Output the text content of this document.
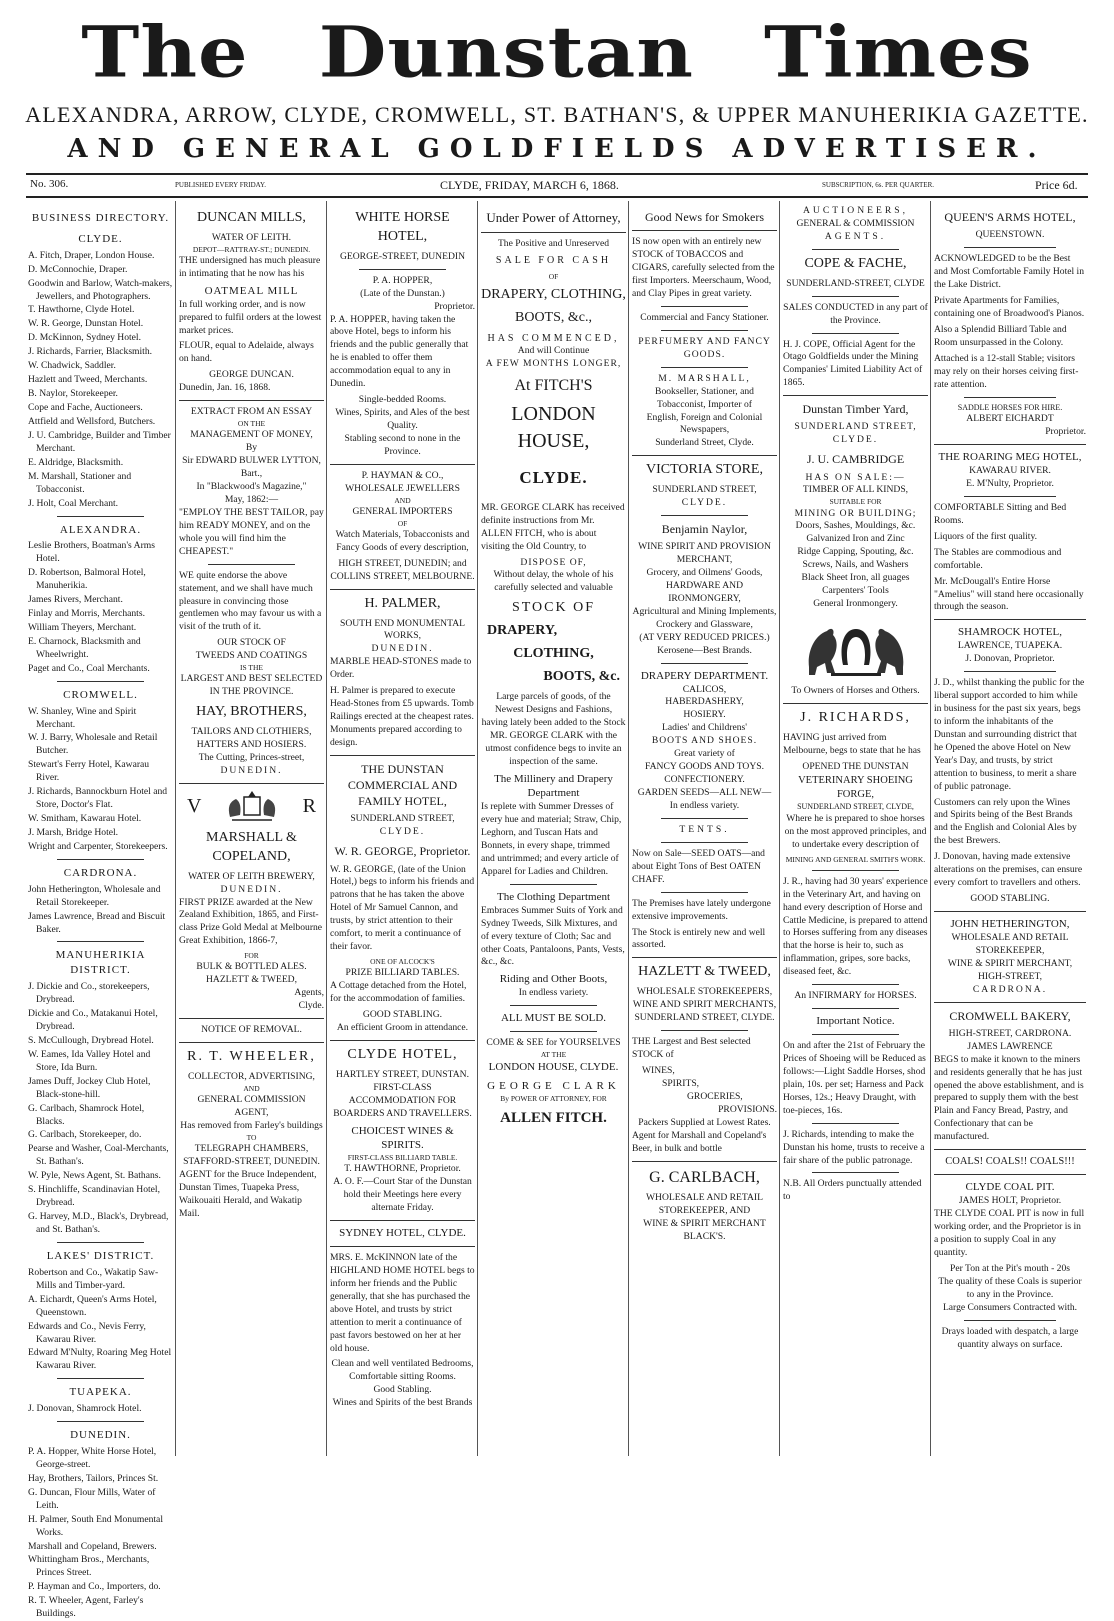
The Dunstan Times
ALEXANDRA, ARROW, CLYDE, CROMWELL, ST. BATHAN'S, & UPPER MANUHERIKIA GAZETTE.
AND GENERAL GOLDFIELDS ADVERTISER.
No. 306.	PUBLISHED EVERY FRIDAY.	CLYDE, FRIDAY, MARCH 6, 1868.	SUBSCRIPTION, 6s. PER QUARTER.	Price 6d.
BUSINESS DIRECTORY.
CLYDE.

A. Fitch, Draper, London House.

D. McConnochie, Draper.

Goodwin and Barlow, Watch-makers, Jewellers, and Photographers.

T. Hawthorne, Clyde Hotel.

W. R. George, Dunstan Hotel.

D. McKinnon, Sydney Hotel.

J. Richards, Farrier, Blacksmith.

W. Chadwick, Saddler.

Hazlett and Tweed, Merchants.

B. Naylor, Storekeeper.

Cope and Fache, Auctioneers.

Attfield and Wellsford, Butchers.

J. U. Cambridge, Builder and Timber Merchant.

E. Aldridge, Blacksmith.

M. Marshall, Stationer and Tobacconist.

J. Holt, Coal Merchant.

ALEXANDRA.

Leslie Brothers, Boatman's Arms Hotel.

D. Robertson, Balmoral Hotel, Manuherikia.

James Rivers, Merchant.

Finlay and Morris, Merchants.

William Theyers, Merchant.

E. Charnock, Blacksmith and Wheelwright.

Paget and Co., Coal Merchants.

CROMWELL.

W. Shanley, Wine and Spirit Merchant.

W. J. Barry, Wholesale and Retail Butcher.

Stewart's Ferry Hotel, Kawarau River.

J. Richards, Bannockburn Hotel and Store, Doctor's Flat.

W. Smitham, Kawarau Hotel.

J. Marsh, Bridge Hotel.

Wright and Carpenter, Storekeepers.

CARDRONA.

John Hetherington, Wholesale and Retail Storekeeper.

James Lawrence, Bread and Biscuit Baker.

MANUHERIKIA DISTRICT.

J. Dickie and Co., storekeepers, Drybread.

Dickie and Co., Matakanui Hotel, Drybread.

S. McCullough, Drybread Hotel.

W. Eames, Ida Valley Hotel and Store, Ida Burn.

James Duff, Jockey Club Hotel, Black-stone-hill.

G. Carlbach, Shamrock Hotel, Blacks.

G. Carlbach, Storekeeper, do.

Pearse and Washer, Coal-Merchants, St. Bathan's.

W. Pyle, News Agent, St. Bathans.

S. Hinchliffe, Scandinavian Hotel, Drybread.

G. Harvey, M.D., Black's, Drybread, and St. Bathan's.

LAKES' DISTRICT.

Robertson and Co., Wakatip Saw-Mills and Timber-yard.

A. Eichardt, Queen's Arms Hotel, Queenstown.

Edwards and Co., Nevis Ferry, Kawarau River.

Edward M'Nulty, Roaring Meg Hotel Kawarau River.

TUAPEKA.

J. Donovan, Shamrock Hotel.

DUNEDIN.

P. A. Hopper, White Horse Hotel, George-street.

Hay, Brothers, Tailors, Princes St.

G. Duncan, Flour Mills, Water of Leith.

H. Palmer, South End Monumental Works.

Marshall and Copeland, Brewers.

Whittingham Bros., Merchants, Princes Street.

P. Hayman and Co., Importers, do.

R. T. Wheeler, Agent, Farley's Buildings.

DUNCAN MILLS,
WATER OF LEITH.
DEPOT—RATTRAY-ST.; DUNEDIN.

THE undersigned has much pleasure in intimating that he now has his

OATMEAL MILL

In full working order, and is now prepared to fulfil orders at the lowest market prices.

FLOUR, equal to Adelaide, always on hand.

GEORGE DUNCAN.
Dunedin, Jan. 16, 1868.
EXTRACT FROM AN ESSAY
ON THE
MANAGEMENT OF MONEY,
By
Sir EDWARD BULWER LYTTON, Bart.,
In "Blackwood's Magazine,"
May, 1862:—

"EMPLOY THE BEST TAILOR, pay him READY MONEY, and on the whole you will find him the CHEAPEST."

WE quite endorse the above statement, and we shall have much pleasure in convincing those gentlemen who may favour us with a visit of the truth of it.

OUR STOCK OF
TWEEDS AND COATINGS
IS THE
LARGEST AND BEST SELECTED
IN THE PROVINCE.
HAY, BROTHERS,
TAILORS AND CLOTHIERS,
HATTERS AND HOSIERS.
The Cutting, Princes-street,
DUNEDIN.
V	R
MARSHALL & COPELAND,
WATER OF LEITH BREWERY,
DUNEDIN.

FIRST PRIZE awarded at the New Zealand Exhibition, 1865, and First-class Prize Gold Medal at Melbourne Great Exhibition, 1866-7,

FOR
BULK & BOTTLED ALES.
HAZLETT & TWEED,
Agents,
Clyde.
NOTICE OF REMOVAL.
R. T. WHEELER,
COLLECTOR, ADVERTISING,
AND
GENERAL COMMISSION
AGENT,
Has removed from Farley's buildings
TO
TELEGRAPH CHAMBERS,
STAFFORD-STREET, DUNEDIN.

AGENT for the Bruce Independent, Dunstan Times, Tuapeka Press, Waikouaiti Herald, and Wakatip Mail.

WHITE HORSE HOTEL,
GEORGE-STREET, DUNEDIN
P. A. HOPPER,
(Late of the Dunstan.)
Proprietor.

P. A. HOPPER, having taken the above Hotel, begs to inform his friends and the public generally that he is enabled to offer them accommodation equal to any in Dunedin.

Single-bedded Rooms.
Wines, Spirits, and Ales of the best Quality.
Stabling second to none in the Province.
P. HAYMAN & CO.,
WHOLESALE JEWELLERS
AND
GENERAL IMPORTERS
OF

Watch Materials, Tobacconists and Fancy Goods of every description,

HIGH STREET, DUNEDIN; and COLLINS STREET, MELBOURNE.

H. PALMER,
SOUTH END MONUMENTAL WORKS,
DUNEDIN.

MARBLE HEAD-STONES made to Order.

H. Palmer is prepared to execute Head-Stones from £5 upwards. Tomb Railings erected at the cheapest rates. Monuments prepared according to design.

THE DUNSTAN COMMERCIAL AND FAMILY HOTEL,
SUNDERLAND STREET,
CLYDE.
W. R. GEORGE, Proprietor.

W. R. GEORGE, (late of the Union Hotel,) begs to inform his friends and patrons that he has taken the above Hotel of Mr Samuel Cannon, and trusts, by strict attention to their comfort, to merit a continuance of their favor.

ONE OF ALCOCK'S
PRIZE BILLIARD TABLES.

A Cottage detached from the Hotel, for the accommodation of families.

GOOD STABLING.
An efficient Groom in attendance.
CLYDE HOTEL,
HARTLEY STREET, DUNSTAN.

FIRST-CLASS ACCOMMODATION FOR BOARDERS AND TRAVELLERS.

CHOICEST WINES & SPIRITS.
FIRST-CLASS BILLIARD TABLE.
T. HAWTHORNE, Proprietor.

A. O. F.—Court Star of the Dunstan hold their Meetings here every alternate Friday.

SYDNEY HOTEL, CLYDE.

MRS. E. McKINNON late of the HIGHLAND HOME HOTEL begs to inform her friends and the Public generally, that she has purchased the above Hotel, and trusts by strict attention to merit a continuance of past favors bestowed on her at her old house.

Clean and well ventilated Bedrooms,
Comfortable sitting Rooms.
Good Stabling.
Wines and Spirits of the best Brands
Under Power of Attorney,
The Positive and Unreserved
SALE FOR CASH
OF
DRAPERY, CLOTHING,
BOOTS, &c.,
HAS COMMENCED,
And will Continue
A FEW MONTHS LONGER,
At FITCH'S
LONDON HOUSE,
CLYDE.

MR. GEORGE CLARK has received definite instructions from Mr. ALLEN FITCH, who is about visiting the Old Country, to

DISPOSE OF,

Without delay, the whole of his carefully selected and valuable

STOCK OF
DRAPERY,
CLOTHING,
BOOTS, &c.

Large parcels of goods, of the Newest Designs and Fashions, having lately been added to the Stock MR. GEORGE CLARK with the utmost confidence begs to invite an inspection of the same.

The Millinery and Drapery Department

Is replete with Summer Dresses of every hue and material; Straw, Chip, Leghorn, and Tuscan Hats and Bonnets, in every shape, trimmed and untrimmed; and every article of Apparel for Ladies and Children.

The Clothing Department

Embraces Summer Suits of York and Sydney Tweeds, Silk Mixtures, and of every texture of Cloth; Sac and other Coats, Pantaloons, Pants, Vests, &c., &c.

Riding and Other Boots,
In endless variety.
ALL MUST BE SOLD.
COME & SEE for YOURSELVES
AT THE
LONDON HOUSE, CLYDE.
GEORGE CLARK
By POWER OF ATTORNEY, FOR
ALLEN FITCH.
Good News for Smokers

IS now open with an entirely new STOCK of TOBACCOS and CIGARS, carefully selected from the first Importers. Meerschaum, Wood, and Clay Pipes in great variety.

Commercial and Fancy Stationer.
PERFUMERY AND FANCY GOODS.
M. MARSHALL,
Bookseller, Stationer, and Tobacconist, Importer of
English, Foreign and Colonial Newspapers,
Sunderland Street, Clyde.
VICTORIA STORE,
SUNDERLAND STREET,
CLYDE.
Benjamin Naylor,
WINE SPIRIT AND PROVISION MERCHANT,
Grocery, and Oilmens' Goods,
HARDWARE AND IRONMONGERY,
Agricultural and Mining Implements, Crockery and Glassware,
(AT VERY REDUCED PRICES.)
Kerosene—Best Brands.
DRAPERY DEPARTMENT.
CALICOS,
HABERDASHERY,
HOSIERY.
Ladies' and Childrens'
BOOTS AND SHOES.
Great variety of
FANCY GOODS AND TOYS.
CONFECTIONERY.
GARDEN SEEDS—ALL NEW—
In endless variety.
TENTS.

Now on Sale—SEED OATS—and about Eight Tons of Best OATEN CHAFF.

The Premises have lately undergone extensive improvements.

The Stock is entirely new and well assorted.

HAZLETT & TWEED,
WHOLESALE STOREKEEPERS, WINE AND SPIRIT MERCHANTS,
SUNDERLAND STREET, CLYDE.

THE Largest and Best selected STOCK of

WINES,
SPIRITS,
GROCERIES,
PROVISIONS.
Packers Supplied at Lowest Rates.

Agent for Marshall and Copeland's Beer, in bulk and bottle

G. CARLBACH,
WHOLESALE AND RETAIL
STOREKEEPER, AND
WINE & SPIRIT MERCHANT
BLACK'S.
AUCTIONEERS,
GENERAL & COMMISSION
AGENTS.
COPE & FACHE,
SUNDERLAND-STREET, CLYDE

SALES CONDUCTED in any part of the Province.

H. J. COPE, Official Agent for the Otago Goldfields under the Mining Companies' Limited Liability Act of 1865.

Dunstan Timber Yard,
SUNDERLAND STREET,
CLYDE.
J. U. CAMBRIDGE
HAS ON SALE:—
TIMBER OF ALL KINDS,
SUITABLE FOR
MINING OR BUILDING;
Doors, Sashes, Mouldings, &c.
Galvanized Iron and Zinc
Ridge Capping, Spouting, &c.
Screws, Nails, and Washers
Black Sheet Iron, all guages
Carpenters' Tools
General Ironmongery.
To Owners of Horses and Others.
J. RICHARDS,

HAVING just arrived from Melbourne, begs to state that he has

OPENED THE DUNSTAN
VETERINARY SHOEING FORGE,
SUNDERLAND STREET, CLYDE,

Where he is prepared to shoe horses on the most approved principles, and to undertake every description of

MINING AND GENERAL SMITH'S WORK.

J. R., having had 30 years' experience in the Veterinary Art, and having on hand every description of Horse and Cattle Medicine, is prepared to attend to Horses suffering from any diseases that the horse is heir to, such as inflammation, gripes, sore backs, diseased feet, &c.

An INFIRMARY for HORSES.
Important Notice.

On and after the 21st of February the Prices of Shoeing will be Reduced as follows:—Light Saddle Horses, shod plain, 10s. per set; Harness and Pack Horses, 12s.; Heavy Draught, with toe-pieces, 16s.

J. Richards, intending to make the Dunstan his home, trusts to receive a fair share of the public patronage.

N.B. All Orders punctually attended to
QUEEN'S ARMS HOTEL,
QUEENSTOWN.

ACKNOWLEDGED to be the Best and Most Comfortable Family Hotel in the Lake District.

Private Apartments for Families, containing one of Broadwood's Pianos.

Also a Splendid Billiard Table and Room unsurpassed in the Colony.

Attached is a 12-stall Stable; visitors may rely on their horses ceiving first-rate attention.

SADDLE HORSES FOR HIRE.
ALBERT EICHARDT
Proprietor.
THE ROARING MEG HOTEL,
KAWARAU RIVER.
E. M'Nulty, Proprietor.

COMFORTABLE Sitting and Bed Rooms.

Liquors of the first quality.

The Stables are commodious and comfortable.

Mr. McDougall's Entire Horse "Amelius" will stand here occasionally through the season.

SHAMROCK HOTEL,
LAWRENCE, TUAPEKA.
J. Donovan, Proprietor.

J. D., whilst thanking the public for the liberal support accorded to him while in business for the past six years, begs to inform the inhabitants of the Dunstan and surrounding district that he Opened the above Hotel on New Year's Day, and trusts, by strict attention to business, to merit a share of public patronage.

Customers can rely upon the Wines and Spirits being of the Best Brands and the English and Colonial Ales by the best Brewers.

J. Donovan, having made extensive alterations on the premises, can ensure every comfort to travellers and others.

GOOD STABLING.
JOHN HETHERINGTON,
WHOLESALE AND RETAIL
STOREKEEPER,
WINE & SPIRIT MERCHANT,
HIGH-STREET,
CARDRONA.
CROMWELL BAKERY,
HIGH-STREET, CARDRONA.
JAMES LAWRENCE

BEGS to make it known to the miners and residents generally that he has just opened the above establishment, and is prepared to supply them with the best Plain and Fancy Bread, Pastry, and Confectionary that can be manufactured.

COALS! COALS!! COALS!!!
CLYDE COAL PIT.
JAMES HOLT, Proprietor.

THE CLYDE COAL PIT is now in full working order, and the Proprietor is in a position to supply Coal in any quantity.

Per Ton at the Pit's mouth - 20s
The quality of these Coals is superior to any in the Province.
Large Consumers Contracted with.
Drays loaded with despatch, a large quantity always on surface.
